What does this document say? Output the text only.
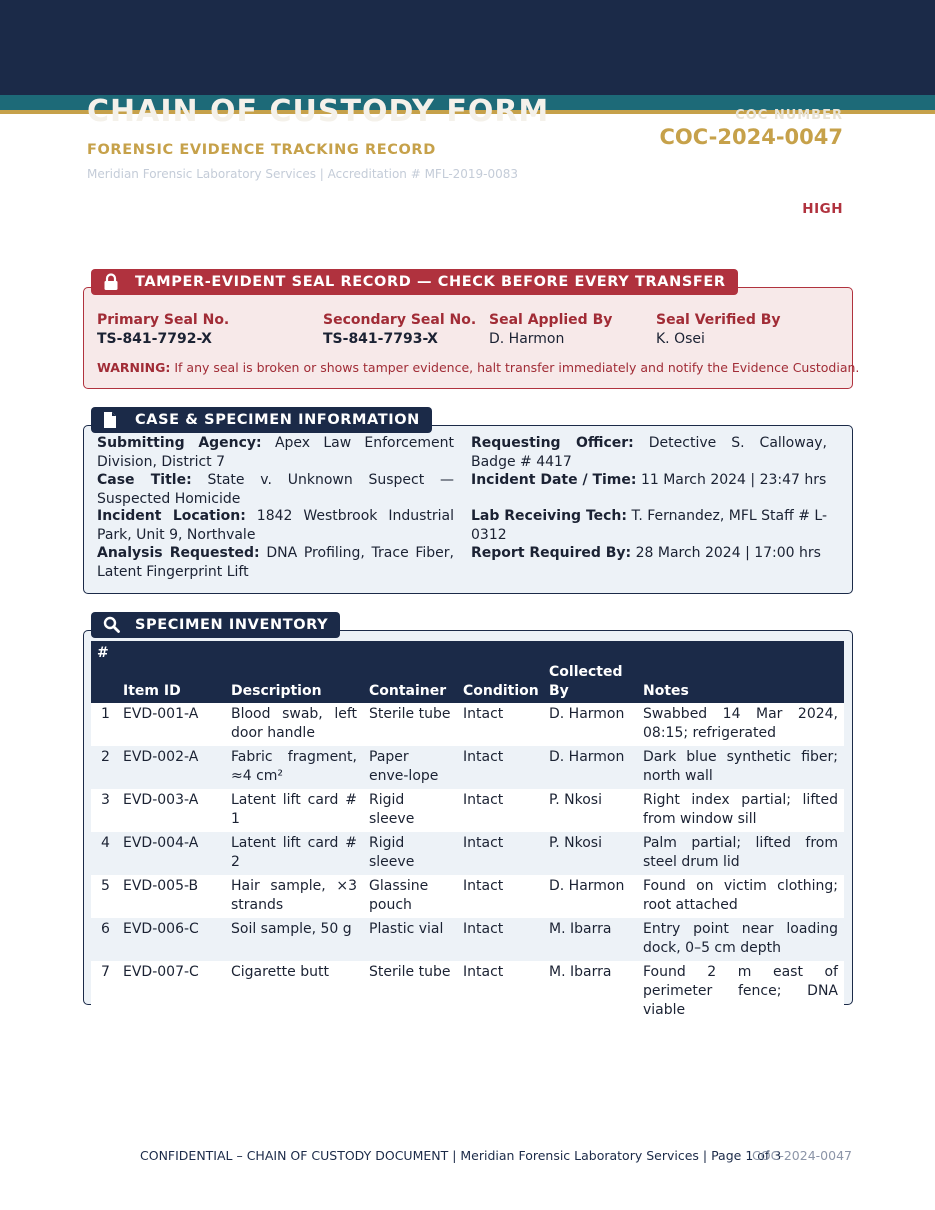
CHAIN OF CUSTODY FORM	COC NUMBER
COC-2024-0047
FORENSIC EVIDENCE TRACKING RECORD
Meridian Forensic Laboratory Services | Accreditation # MFL-2019-0083
HIGH
TAMPER-EVIDENT SEAL RECORD — CHECK BEFORE EVERY TRANSFER
Primary Seal No.
TS-841-7792-X
Secondary Seal No.
TS-841-7793-X
Seal Applied By
D. Harmon
Seal Verified By
K. Osei
WARNING: If any seal is broken or shows tamper evidence, halt transfer immediately and notify the Evidence Custodian.
CASE & SPECIMEN INFORMATION
Submitting Agency: Apex Law Enforcement Division, District 7
Requesting Officer: Detective S. Calloway, Badge # 4417
Case Title: State v. Unknown Suspect — Suspected Homicide
Incident Date / Time: 11 March 2024 | 23:47 hrs
Incident Location: 1842 Westbrook Industrial Park, Unit 9, Northvale
Lab Receiving Tech: T. Fernandez, MFL Staff # L-0312
Analysis Requested: DNA Profiling, Trace Fiber, Latent Fingerprint Lift
Report Required By: 28 March 2024 | 17:00 hrs
SPECIMEN INVENTORY
#	Item ID	Description	Container	Condition	Collected By	Notes
1	EVD-001-A	Blood swab, left door handle	Sterile tube	Intact	D. Harmon	Swabbed 14 Mar 2024, 08:15; refrigerated
2	EVD-002-A	Fabric fragment, ≈4 cm²	Paper enve-lope	Intact	D. Harmon	Dark blue synthetic fiber; north wall
3	EVD-003-A	Latent lift card # 1	Rigid sleeve	Intact	P. Nkosi	Right index partial; lifted from window sill
4	EVD-004-A	Latent lift card # 2	Rigid sleeve	Intact	P. Nkosi	Palm partial; lifted from steel drum lid
5	EVD-005-B	Hair sample, ×3 strands	Glassine pouch	Intact	D. Harmon	Found on victim clothing; root attached
6	EVD-006-C	Soil sample, 50 g	Plastic vial	Intact	M. Ibarra	Entry point near loading dock, 0–5 cm depth
7	EVD-007-C	Cigarette butt	Sterile tube	Intact	M. Ibarra	Found 2 m east of perimeter fence; DNA viable
CONFIDENTIAL – CHAIN OF CUSTODY DOCUMENT | Meridian Forensic Laboratory Services | Page 1 of 3
COC-2024-0047
